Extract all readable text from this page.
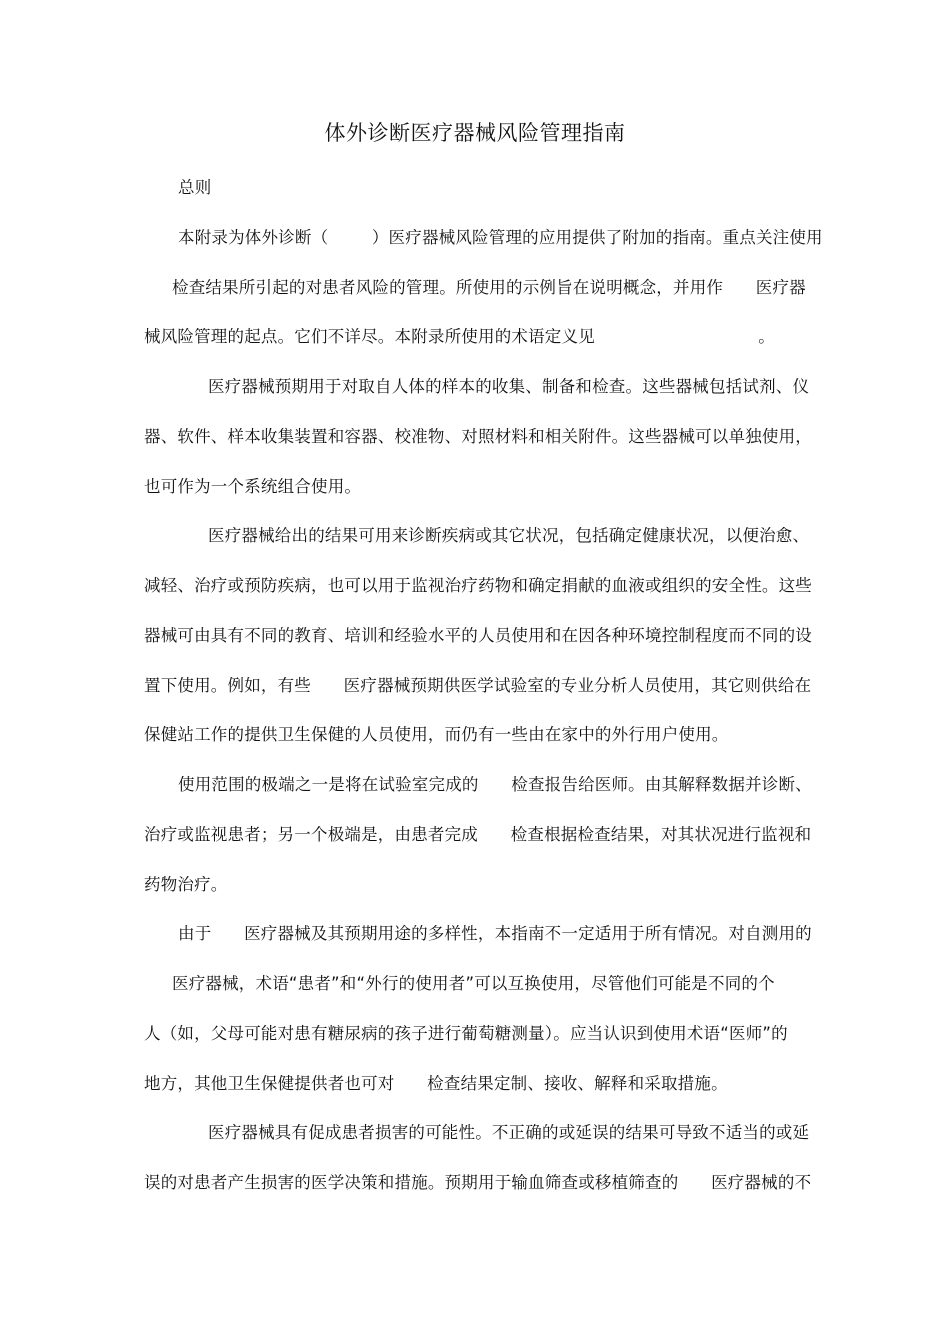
体外诊断医疗器械风险管理指南
总则
本附录为体外诊断（        ）医疗器械风险管理的应用提供了附加的指南。重点关注使用
检查结果所引起的对患者风险的管理。所使用的示例旨在说明概念，并用作      医疗器
械风险管理的起点。它们不详尽。本附录所使用的术语定义见                              。
医疗器械预期用于对取自人体的样本的收集、制备和检查。这些器械包括试剂、仪
器、软件、样本收集装置和容器、校准物、对照材料和相关附件。这些器械可以单独使用，
也可作为一个系统组合使用。
医疗器械给出的结果可用来诊断疾病或其它状况，包括确定健康状况，以便治愈、
减轻、治疗或预防疾病，也可以用于监视治疗药物和确定捐献的血液或组织的安全性。这些
器械可由具有不同的教育、培训和经验水平的人员使用和在因各种环境控制程度而不同的设
置下使用。例如，有些      医疗器械预期供医学试验室的专业分析人员使用，其它则供给在
保健站工作的提供卫生保健的人员使用，而仍有一些由在家中的外行用户使用。
使用范围的极端之一是将在试验室完成的      检查报告给医师。由其解释数据并诊断、
治疗或监视患者；另一个极端是，由患者完成      检查根据检查结果，对其状况进行监视和
药物治疗。
由于      医疗器械及其预期用途的多样性，本指南不一定适用于所有情况。对自测用的
医疗器械，术语“患者”和“外行的使用者”可以互换使用，尽管他们可能是不同的个
人（如，父母可能对患有糖尿病的孩子进行葡萄糖测量）。应当认识到使用术语“医师”的
地方，其他卫生保健提供者也可对      检查结果定制、接收、解释和采取措施。
医疗器械具有促成患者损害的可能性。不正确的或延误的结果可导致不适当的或延
误的对患者产生损害的医学决策和措施。预期用于输血筛查或移植筛查的      医疗器械的不
